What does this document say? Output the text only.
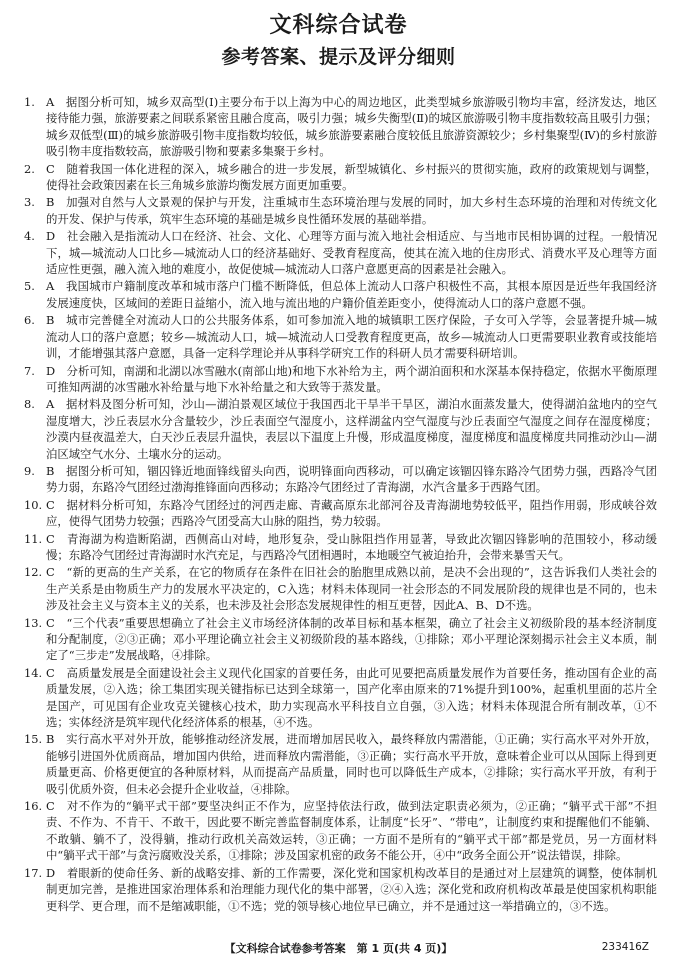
文科综合试卷
参考答案、提示及评分细则
1. A　据图分析可知，城乡双高型(Ⅰ)主要分布于以上海为中心的周边地区，此类型城乡旅游吸引物均丰富，经济发达，地区接待能力强，旅游要素之间联系紧密且融合度高，吸引力强；城乡失衡型(Ⅱ)的城区旅游吸引物丰度指数较高且吸引力强；城乡双低型(Ⅲ)的城乡旅游吸引物丰度指数均较低，城乡旅游要素融合度较低且旅游资源较少；乡村集聚型(Ⅳ)的乡村旅游吸引物丰度指数较高，旅游吸引物和要素多集聚于乡村。
2. C　随着我国一体化进程的深入，城乡融合的进一步发展，新型城镇化、乡村振兴的贯彻实施，政府的政策规划与调整，使得社会政策因素在长三角城乡旅游均衡发展方面更加重要。
3. B　加强对自然与人文景观的保护与开发，注重城市生态环境治理与发展的同时，加大乡村生态环境的治理和对传统文化的开发、保护与传承，筑牢生态环境的基础是城乡良性循环发展的基础举措。
4. D　社会融入是指流动人口在经济、社会、文化、心理等方面与流入地社会相适应、与当地市民相协调的过程。一般情况下，城—城流动人口比乡—城流动人口的经济基础好、受教育程度高，使其在流入地的住房形式、消费水平及心理等方面适应性更强，融入流入地的难度小，故促使城—城流动人口落户意愿更高的因素是社会融入。
5. A　我国城市户籍制度改革和城市落户门槛不断降低，但总体上流动人口落户积极性不高，其根本原因是近些年我国经济发展速度快，区域间的差距日益缩小，流入地与流出地的户籍价值差距变小，使得流动人口的落户意愿不强。
6. B　城市完善健全对流动人口的公共服务体系，如可参加流入地的城镇职工医疗保险，子女可入学等，会显著提升城—城流动人口的落户意愿；较乡—城流动人口，城—城流动人口受教育程度更高，故乡—城流动人口更需要职业教育或技能培训，才能增强其落户意愿，具备一定科学理论并从事科学研究工作的科研人员才需要科研培训。
7. D　分析可知，南湖和北湖以冰雪融水(南部山地)和地下水补给为主，两个湖泊面积和水深基本保持稳定，依据水平衡原理可推知两湖的冰雪融水补给量与地下水补给量之和大致等于蒸发量。
8. A　据材料及图分析可知，沙山—湖泊景观区域位于我国西北干旱半干旱区，湖泊水面蒸发量大，使得湖泊盆地内的空气湿度增大，沙丘表层水分含量较少，沙丘表面空气湿度小，这样湖盆内空气湿度与沙丘表面空气湿度之间存在湿度梯度；沙漠内昼夜温差大，白天沙丘表层升温快，表层以下温度上升慢，形成温度梯度，湿度梯度和温度梯度共同推动沙山—湖泊区域空气水分、土壤水分的运动。
9. B　据图分析可知，锢囚锋近地面锋线留头向西，说明锋面向西移动，可以确定该锢囚锋东路冷气团势力强，西路冷气团势力弱，东路冷气团经过渤海推锋面向西移动；东路冷气团经过了青海湖，水汽含量多于西路气团。
10. C　据材料分析可知，东路冷气团经过的河西走廊、青藏高原东北部河谷及青海湖地势较低平，阻挡作用弱，形成峡谷效应，使得气团势力较强；西路冷气团受高大山脉的阻挡，势力较弱。
11. C　青海湖为构造断陷湖，西侧高山对峙，地形复杂，受山脉阻挡作用显著，导致此次锢囚锋影响的范围较小，移动缓慢；东路冷气团经过青海湖时水汽充足，与西路冷气团相遇时，本地暖空气被迫抬升，会带来暴雪天气。
12. C　“新的更高的生产关系，在它的物质存在条件在旧社会的胎胞里成熟以前，是决不会出现的”，这告诉我们人类社会的生产关系是由物质生产力的发展水平决定的，C入选；材料未体现同一社会形态的不同发展阶段的规律也是不同的，也未涉及社会主义与资本主义的关系，也未涉及社会形态发展规律性的相互更替，因此A、B、D不选。
13. C　“三个代表”重要思想确立了社会主义市场经济体制的改革目标和基本框架，确立了社会主义初级阶段的基本经济制度和分配制度，②③正确；邓小平理论确立社会主义初级阶段的基本路线，①排除；邓小平理论深刻揭示社会主义本质，制定了“三步走”发展战略，④排除。
14. C　高质量发展是全面建设社会主义现代化国家的首要任务，由此可见要把高质量发展作为首要任务，推动国有企业的高质量发展，②入选；徐工集团实现关键指标已达到全球第一，国产化率由原来的71%提升到100%，起重机里面的芯片全是国产，可见国有企业攻克关键核心技术，助力实现高水平科技自立自强，③入选；材料未体现混合所有制改革，①不选；实体经济是筑牢现代化经济体系的根基，④不选。
15. B　实行高水平对外开放，能够推动经济发展，进而增加居民收入，最终释放内需潜能，①正确；实行高水平对外开放，能够引进国外优质商品，增加国内供给，进而释放内需潜能，③正确；实行高水平开放，意味着企业可以从国际上得到更质量更高、价格更便宜的各种原材料，从而提高产品质量，同时也可以降低生产成本，②排除；实行高水平开放，有利于吸引优质外资，但未必会提升企业收益，④排除。
16. C　对不作为的“躺平式干部”要坚决纠正不作为，应坚持依法行政，做到法定职责必须为，②正确；“躺平式干部”不担责、不作为、不肯干、不敢干，因此要不断完善监督制度体系，让制度“长牙”、“带电”，让制度约束和提醒他们不能躺、不敢躺、躺不了，没得躺，推动行政机关高效运转，③正确；一方面不是所有的“躺平式干部”都是党员，另一方面材料中“躺平式干部”与贪污腐败没关系，①排除；涉及国家机密的政务不能公开，④中“政务全面公开”说法错误，排除。
17. D　着眼新的使命任务、新的战略安排、新的工作需要，深化党和国家机构改革目的是通过对上层建筑的调整，使体制机制更加完善，是推进国家治理体系和治理能力现代化的集中部署，②④入选；深化党和政府机构改革最是使国家机构职能更科学、更合理，而不是缩减职能，①不选；党的领导核心地位早已确立，并不是通过这一举措确立的，③不选。
【文科综合试卷参考答案　第 1 页(共 4 页)】	233416Z
